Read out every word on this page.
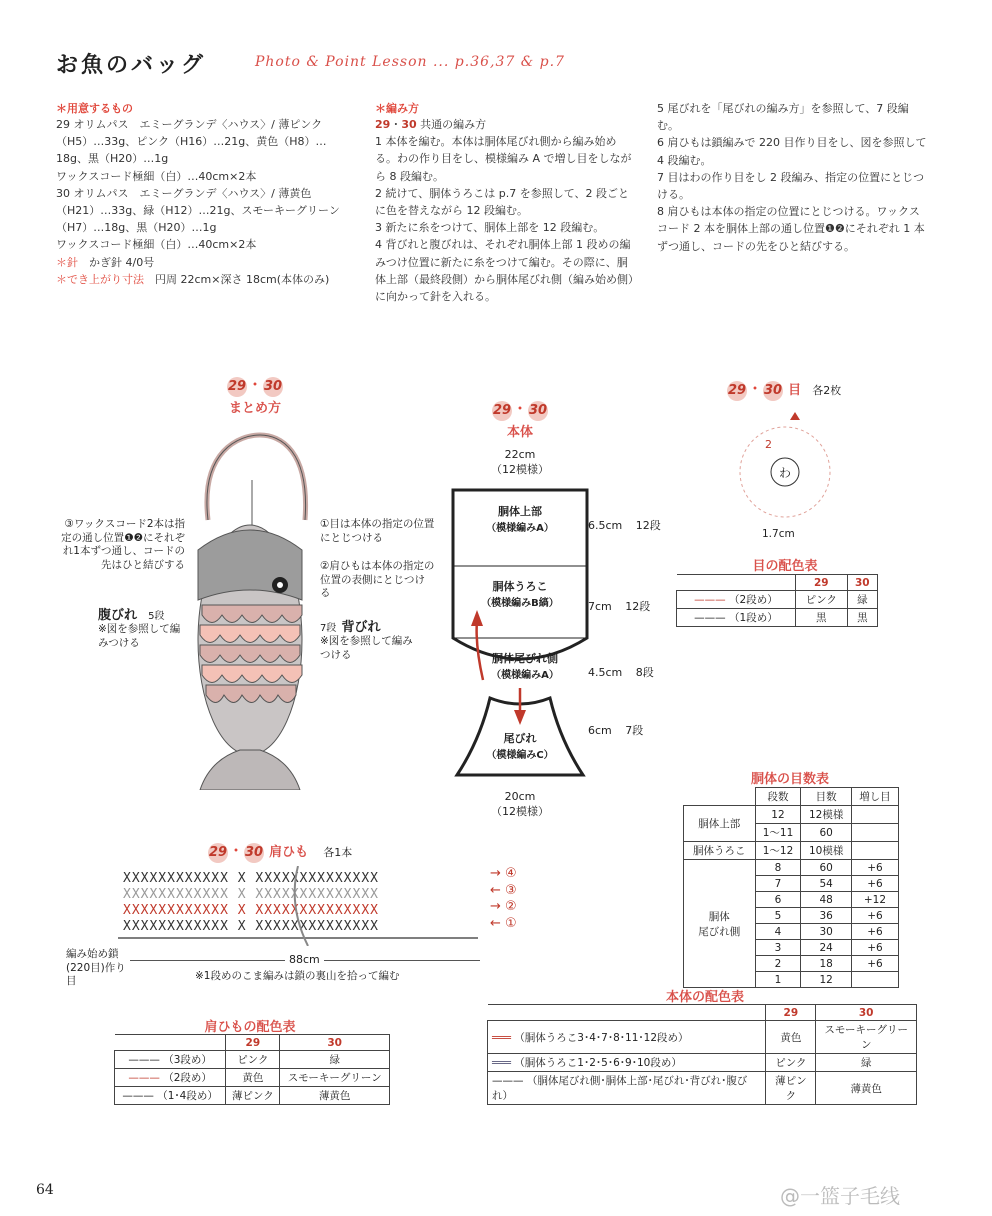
お魚のバッグ	Photo & Point Lesson ... p.36,37 & p.7
＊用意するもの
29 オリムパス　エミーグランデ〈ハウス〉/ 薄ピンク（H5）…33g、ピンク（H16）…21g、黄色（H8）…18g、黒（H20）…1g
ワックスコード極細（白）…40cm×2本
30 オリムパス　エミーグランデ〈ハウス〉/ 薄黄色（H21）…33g、緑（H12）…21g、スモーキーグリーン（H7）…18g、黒（H20）…1g
ワックスコード極細（白）…40cm×2本
＊針　 かぎ針 4/0号
＊でき上がり寸法　 円周 22cm×深さ 18cm(本体のみ)
＊編み方
29・30 共通の編み方
1 本体を編む。本体は胴体尾びれ側から編み始める。わの作り目をし、模様編み A で増し目をしながら 8 段編む。
2 続けて、胴体うろこは p.7 を参照して、2 段ごとに色を替えながら 12 段編む。
3 新たに糸をつけて、胴体上部を 12 段編む。
4 背びれと腹びれは、それぞれ胴体上部 1 段めの編みつけ位置に新たに糸をつけて編む。その際に、胴体上部（最終段側）から胴体尾びれ側（編み始め側）に向かって針を入れる。
5 尾びれを「尾びれの編み方」を参照して、7 段編む。
6 肩ひもは鎖編みで 220 目作り目をし、図を参照して 4 段編む。
7 目はわの作り目をし 2 段編み、指定の位置にとじつける。
8 肩ひもは本体の指定の位置にとじつける。ワックスコード 2 本を胴体上部の通し位置❶❷にそれぞれ 1 本ずつ通し、コードの先をひと結びする。
29・30
まとめ方
③ワックスコード2本は指定の通し位置❶❷にそれぞれ1本ずつ通し、コードの先はひと結びする
①目は本体の指定の位置にとじつける
②肩ひもは本体の指定の位置の表側にとじつける
腹びれ 5段
※図を参照して編みつける
7段 背びれ
※図を参照して編みつける
29・30
本体
22cm
（12模様）
胴体上部
（模様編みA）
胴体うろこ
（模様編みB縞）
胴体尾びれ側
（模様編みA）
尾びれ
（模様編みC）
6.5cm 12段
7cm 12段
4.5cm 8段
6cm 7段
20cm
（12模様）
29・30 目 各2枚
わ
2
1.7cm
目の配色表
	29	30
——— （2段め）	ピンク	緑
——— （1段め）	黒	黒
胴体の目数表
	段数	目数	増し目
胴体上部	12	12模様	
	1〜11	60	
胴体うろこ	1〜12	10模様	
胴体
尾びれ側	8	60	+6
	7	54	+6
	6	48	+12
	5	36	+6
	4	30	+6
	3	24	+6
	2	18	+6
	1	12	
29・30 肩ひも 各1本
XXXXXXXXXXXX X XXXXXXXXXXXXXX
XXXXXXXXXXXX X XXXXXXXXXXXXXX
XXXXXXXXXXXX X XXXXXXXXXXXXXX
XXXXXXXXXXXX X XXXXXXXXXXXXXX
→ ④
← ③
→ ②
← ①
編み始め鎖(220目)作り目
88cm
※1段めのこま編みは鎖の裏山を拾って編む
肩ひもの配色表
	29	30
——— （3段め）	ピンク	緑
——— （2段め）	黄色	スモーキーグリーン
——— （1･4段め）	薄ピンク	薄黄色
本体の配色表
	29	30
═══ （胴体うろこ3･4･7･8･11･12段め）	黄色	スモーキーグリーン
═══ （胴体うろこ1･2･5･6･9･10段め）	ピンク	緑
——— （胴体尾びれ側･胴体上部･尾びれ･背びれ･腹びれ）	薄ピンク	薄黄色
64	@一篮子毛线
